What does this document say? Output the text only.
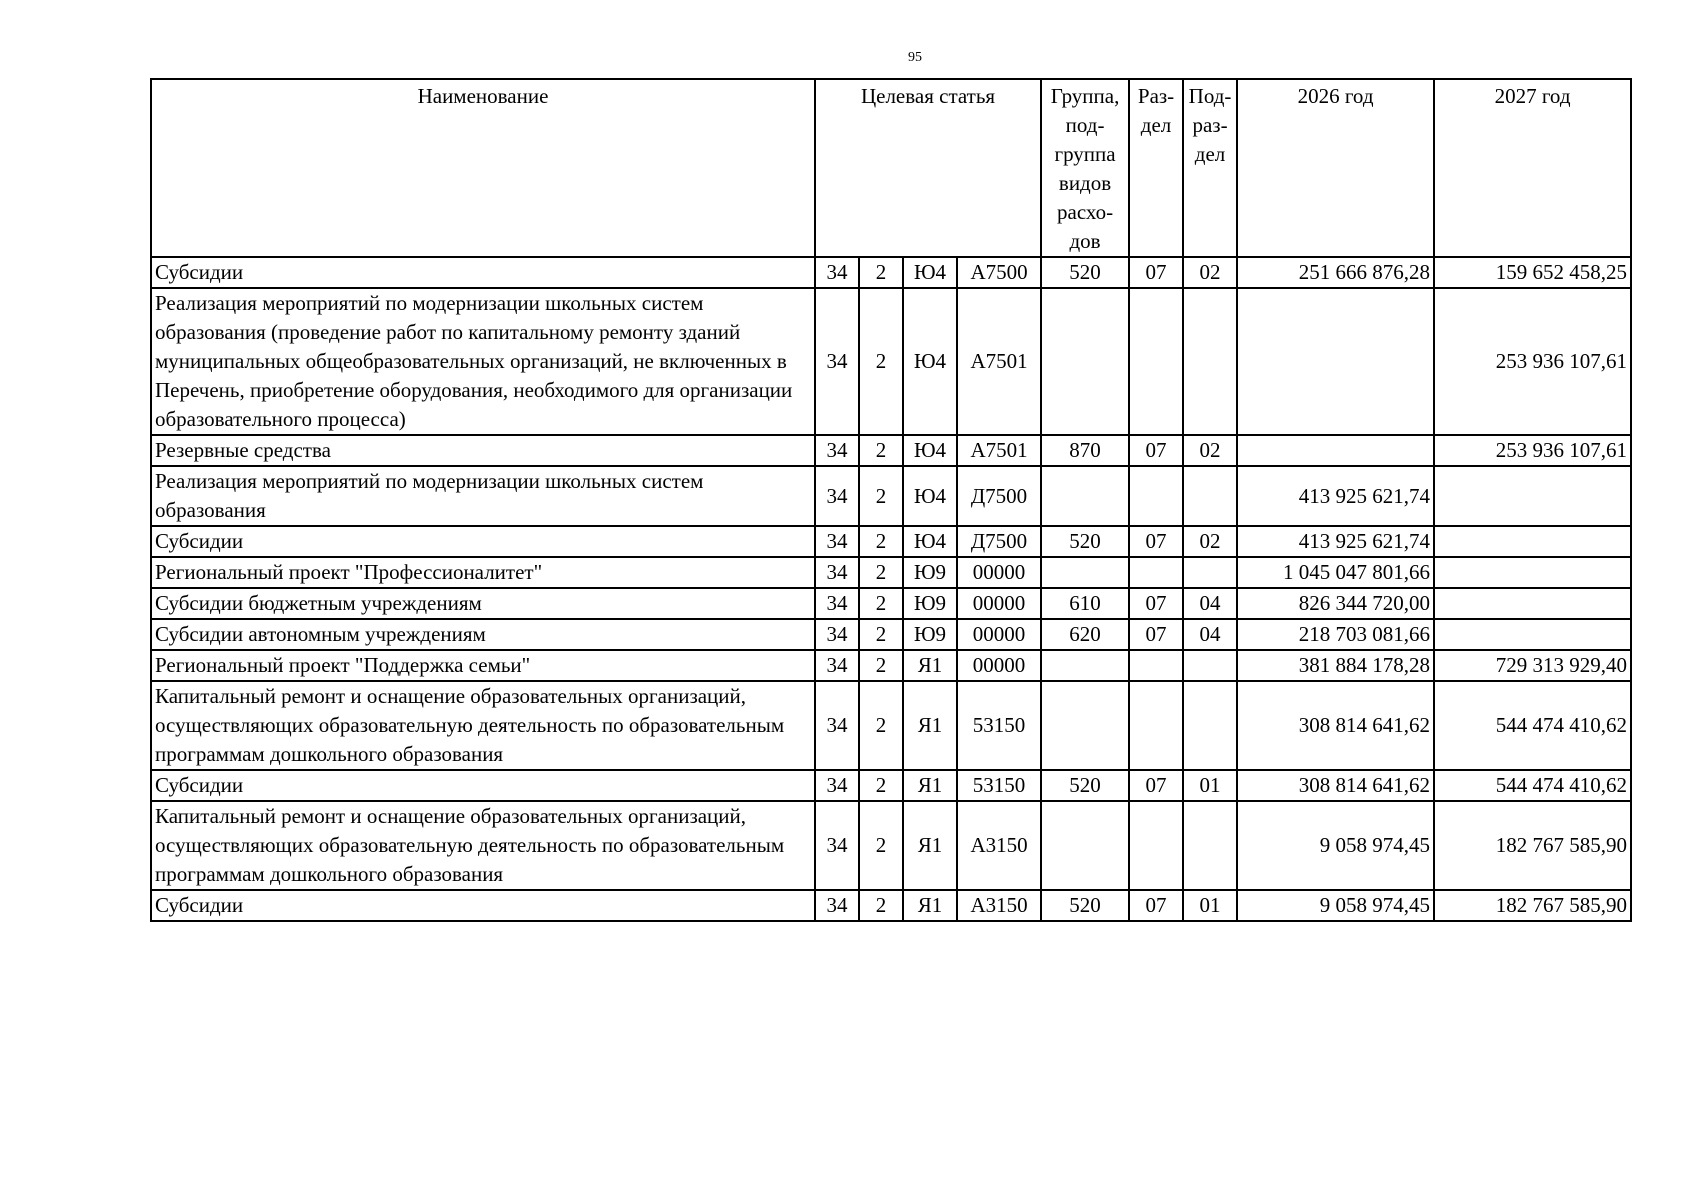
95
Наименование	Целевая статья				Группа, под- группа видов расхо- дов	Раз- дел	Под- раз- дел	2026 год	2027 год
Субсидии	34	2	Ю4	А7500	520	07	02	251 666 876,28	159 652 458,25
Реализация мероприятий по модернизации школьных систем образования (проведение работ по капитальному ремонту зданий муниципальных общеобразовательных организаций, не включенных в Перечень, приобретение оборудования, необходимого для организации образовательного процесса)	34	2	Ю4	А7501					253 936 107,61
Резервные средства	34	2	Ю4	А7501	870	07	02		253 936 107,61
Реализация мероприятий по модернизации школьных систем образования	34	2	Ю4	Д7500				413 925 621,74	
Субсидии	34	2	Ю4	Д7500	520	07	02	413 925 621,74	
Региональный проект "Профессионалитет"	34	2	Ю9	00000				1 045 047 801,66	
Субсидии бюджетным учреждениям	34	2	Ю9	00000	610	07	04	826 344 720,00	
Субсидии автономным учреждениям	34	2	Ю9	00000	620	07	04	218 703 081,66	
Региональный проект "Поддержка семьи"	34	2	Я1	00000				381 884 178,28	729 313 929,40
Капитальный ремонт и оснащение образовательных организаций, осуществляющих образовательную деятельность по образовательным программам дошкольного образования	34	2	Я1	53150				308 814 641,62	544 474 410,62
Субсидии	34	2	Я1	53150	520	07	01	308 814 641,62	544 474 410,62
Капитальный ремонт и оснащение образовательных организаций, осуществляющих образовательную деятельность по образовательным программам дошкольного образования	34	2	Я1	А3150				9 058 974,45	182 767 585,90
Субсидии	34	2	Я1	А3150	520	07	01	9 058 974,45	182 767 585,90
